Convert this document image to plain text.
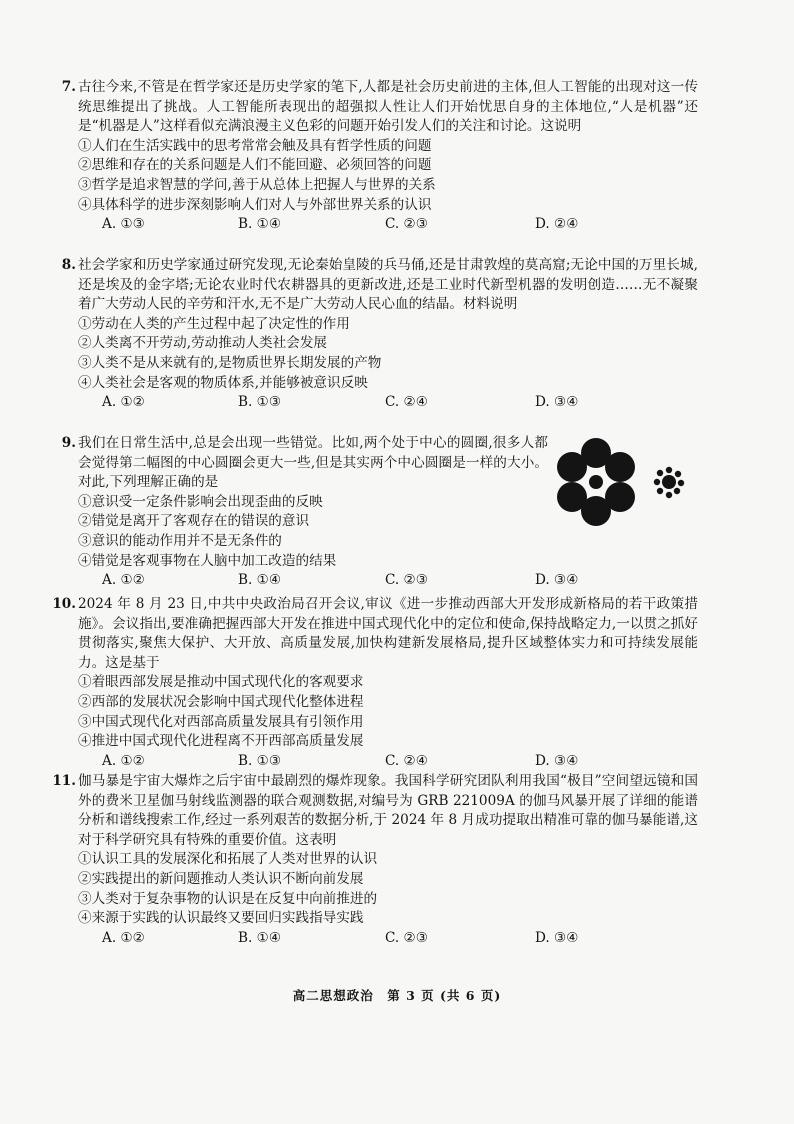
7. 古往今来,不管是在哲学家还是历史学家的笔下,人都是社会历史前进的主体,但人工智能的出现对这一传统思维提出了挑战。人工智能所表现出的超强拟人性让人们开始忧思自身的主体地位,“人是机器”还是“机器是人”这样看似充满浪漫主义色彩的问题开始引发人们的关注和讨论。这说明

①人们在生活实践中的思考常常会触及具有哲学性质的问题

②思维和存在的关系问题是人们不能回避、必须回答的问题

③哲学是追求智慧的学问,善于从总体上把握人与世界的关系

④具体科学的进步深刻影响人们对人与外部世界关系的认识

A. ①③	B. ①④	C. ②③	D. ②④
8. 社会学家和历史学家通过研究发现,无论秦始皇陵的兵马俑,还是甘肃敦煌的莫高窟;无论中国的万里长城,还是埃及的金字塔;无论农业时代农耕器具的更新改进,还是工业时代新型机器的发明创造……无不凝聚着广大劳动人民的辛劳和汗水,无不是广大劳动人民心血的结晶。材料说明

①劳动在人类的产生过程中起了决定性的作用

②人类离不开劳动,劳动推动人类社会发展

③人类不是从来就有的,是物质世界长期发展的产物

④人类社会是客观的物质体系,并能够被意识反映

A. ①②	B. ①③	C. ②④	D. ③④
9. 我们在日常生活中,总是会出现一些错觉。比如,两个处于中心的圆圈,很多人都会觉得第二幅图的中心圆圈会更大一些,但是其实两个中心圆圈是一样的大小。对此,下列理解正确的是

①意识受一定条件影响会出现歪曲的反映

②错觉是离开了客观存在的错误的意识

③意识的能动作用并不是无条件的

④错觉是客观事物在人脑中加工改造的结果

A. ①②	B. ①④	C. ②③	D. ③④
10. 2024 年 8 月 23 日,中共中央政治局召开会议,审议《进一步推动西部大开发形成新格局的若干政策措施》。会议指出,要准确把握西部大开发在推进中国式现代化中的定位和使命,保持战略定力,一以贯之抓好贯彻落实,聚焦大保护、大开放、高质量发展,加快构建新发展格局,提升区域整体实力和可持续发展能力。这是基于

①着眼西部发展是推动中国式现代化的客观要求

②西部的发展状况会影响中国式现代化整体进程

③中国式现代化对西部高质量发展具有引领作用

④推进中国式现代化进程离不开西部高质量发展

A. ①②	B. ①③	C. ②④	D. ③④
11. 伽马暴是宇宙大爆炸之后宇宙中最剧烈的爆炸现象。我国科学研究团队利用我国“极目”空间望远镜和国外的费米卫星伽马射线监测器的联合观测数据,对编号为 GRB 221009A 的伽马风暴开展了详细的能谱分析和谱线搜索工作,经过一系列艰苦的数据分析,于 2024 年 8 月成功提取出精准可靠的伽马暴能谱,这对于科学研究具有特殊的重要价值。这表明

①认识工具的发展深化和拓展了人类对世界的认识

②实践提出的新问题推动人类认识不断向前发展

③人类对于复杂事物的认识是在反复中向前推进的

④来源于实践的认识最终又要回归实践指导实践

A. ①②	B. ①④	C. ②③	D. ③④
高二思想政治　第 3 页 (共 6 页)
